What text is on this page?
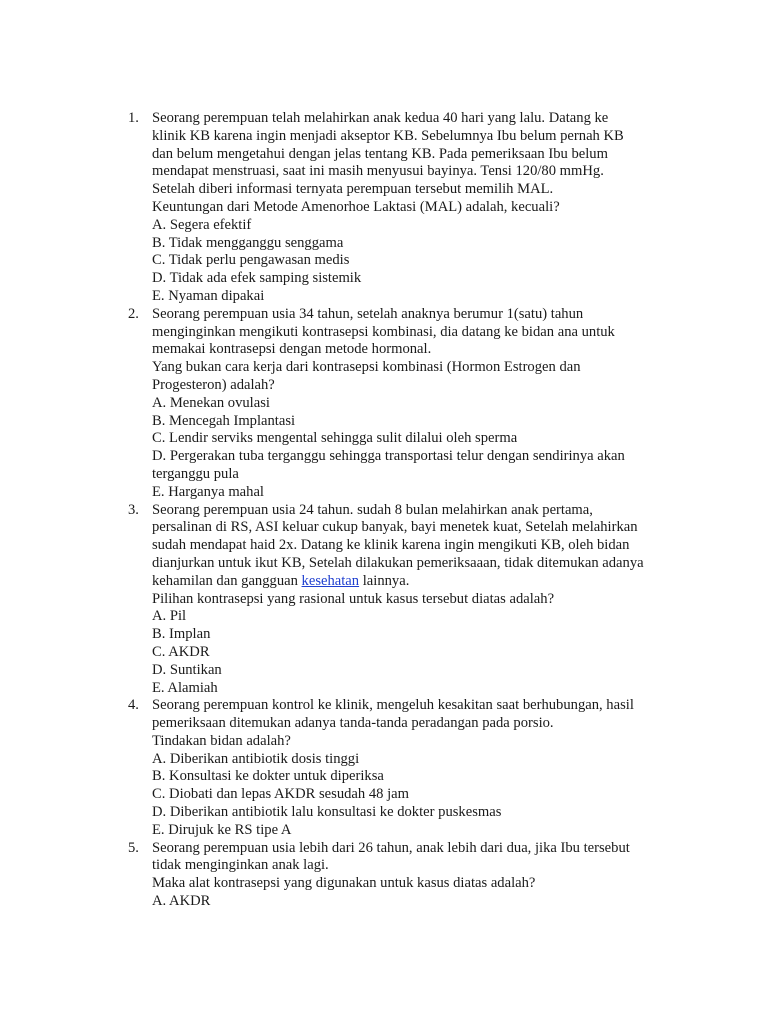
1. Seorang perempuan telah melahirkan anak kedua 40 hari yang lalu. Datang ke
klinik KB karena ingin menjadi akseptor KB. Sebelumnya Ibu belum pernah KB
dan belum mengetahui dengan jelas tentang KB. Pada pemeriksaan Ibu belum
mendapat menstruasi, saat ini masih menyusui bayinya. Tensi 120/80 mmHg.
Setelah diberi informasi ternyata perempuan tersebut memilih MAL.
Keuntungan dari Metode Amenorhoe Laktasi (MAL) adalah, kecuali?
A. Segera efektif
B. Tidak mengganggu senggama
C. Tidak perlu pengawasan medis
D. Tidak ada efek samping sistemik
E. Nyaman dipakai
2. Seorang perempuan usia 34 tahun, setelah anaknya berumur 1(satu) tahun
menginginkan mengikuti kontrasepsi kombinasi, dia datang ke bidan ana untuk
memakai kontrasepsi dengan metode hormonal.
Yang bukan cara kerja dari kontrasepsi kombinasi (Hormon Estrogen dan
Progesteron) adalah?
A. Menekan ovulasi
B. Mencegah Implantasi
C. Lendir serviks mengental sehingga sulit dilalui oleh sperma
D. Pergerakan tuba terganggu sehingga transportasi telur dengan sendirinya akan
terganggu pula
E. Harganya mahal
3. Seorang perempuan usia 24 tahun. sudah 8 bulan melahirkan anak pertama,
persalinan di RS, ASI keluar cukup banyak, bayi menetek kuat, Setelah melahirkan
sudah mendapat haid 2x. Datang ke klinik karena ingin mengikuti KB, oleh bidan
dianjurkan untuk ikut KB, Setelah dilakukan pemeriksaaan, tidak ditemukan adanya
kehamilan dan gangguan kesehatan lainnya.
Pilihan kontrasepsi yang rasional untuk kasus tersebut diatas adalah?
A. Pil
B. Implan
C. AKDR
D. Suntikan
E. Alamiah
4. Seorang perempuan kontrol ke klinik, mengeluh kesakitan saat berhubungan, hasil
pemeriksaan ditemukan adanya tanda-tanda peradangan pada porsio.
Tindakan bidan adalah?
A. Diberikan antibiotik dosis tinggi
B. Konsultasi ke dokter untuk diperiksa
C. Diobati dan lepas AKDR sesudah 48 jam
D. Diberikan antibiotik lalu konsultasi ke dokter puskesmas
E. Dirujuk ke RS tipe A
5. Seorang perempuan usia lebih dari 26 tahun, anak lebih dari dua, jika Ibu tersebut
tidak menginginkan anak lagi.
Maka alat kontrasepsi yang digunakan untuk kasus diatas adalah?
A. AKDR
